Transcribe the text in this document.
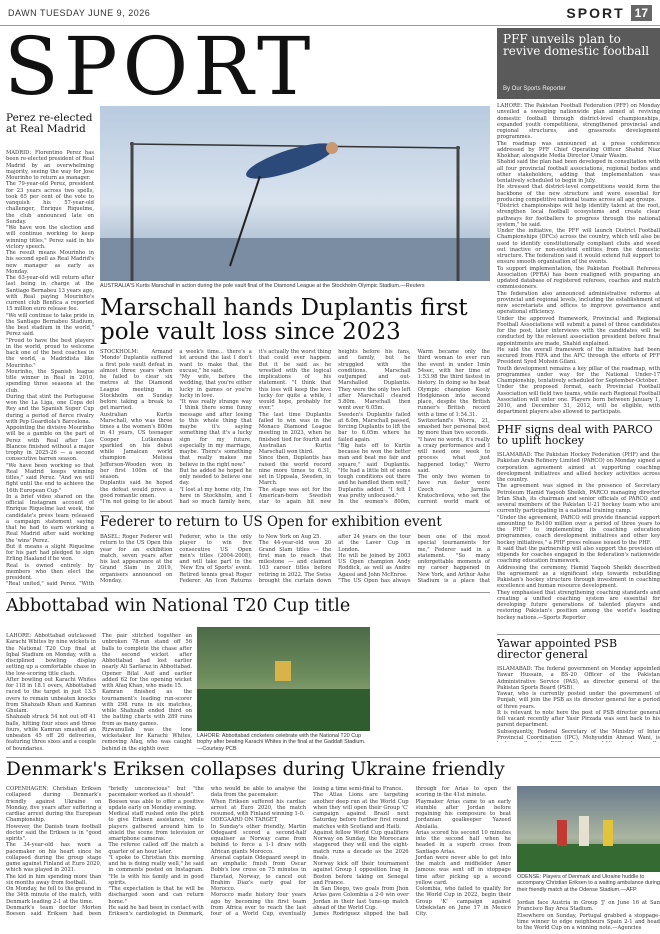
DAWN TUESDAY JUNE 9, 2026	SPORT 17
SPORT	PFF unveils plan to revive domestic football
By Our Sports Reporter
LAHORE: The Pakistan Football Federation (PFF) on Monday unveiled a sweeping nationwide plan aimed at reviving domestic football through district-level championships, expanded youth competitions, strengthened provincial and regional structures, and grassroots development programmes.
The roadmap was announced at a press conference addressed by PFF Chief Operating Officer Shahid Niaz Khokhar, alongside Media Director Umair Wasim.
Shahid said the plan had been developed in consultation with all four provincial football associations, regional bodies and other stakeholders, adding that implementation was tentatively scheduled to begin in July.
He stressed that district-level competitions would form the backbone of the new structure and were essential for producing competitive national teams across all age groups.
"District championships will help identify talent at the root, strengthen local football ecosystems and create clear pathways for footballers to progress through the national system," he said.
Under the initiative, the PFF will launch District Football Championships (DFCs) across the country, which will also be used to identify constitutionally compliant clubs and weed out inactive or non-existent entities from the domestic structure. The federation said it would extend full support to ensure smooth organisation of the events.
To support implementation, the Pakistan Football Referees Association (PFRA) has been realigned with preparing an updated database of registered referees, coaches and match commissioners.
The federation also announced administrative reforms at provincial and regional levels, including the establishment of new secretariats and offices to improve governance and operational efficiency.
Under the approved framework, Provincial and Regional Football Associations will submit a panel of three candidates for the post, later interviews with the candidates will be conducted by the relevant association president before final appointments are made, Shahid explained.
He said the overall framework of the initiative had been secured from FIFA and the AFC through the efforts of PFF President Syed Mohsin Gilani.
Youth development remains a key pillar of the roadmap, with programmes under way for the National Under-17 Championship, tentatively scheduled for September-October.
Under the proposed format, each Provincial Football Association will field two teams, while each Regional Football Association will enter one. Players born between January 1, 2010, and December 31, 2012, will be eligible, with department players also allowed to participate.
Perez re-elected at Real Madrid
MADRID: Florentino Perez has been re-elected president of Real Madrid by an overwhelming majority, seeing the way for Jose Mourinho to return as manager.
The 79-year-old Perez, president for 23 years across two spells, took 65 per cent of the vote to vanquish his 57-year-old challenger, Enrique Riquelme, the club announced late on Sunday.
"We have won the election and will continue working to keep winning titles," Perez said in his victory speech.
The result means Mourinho in his second spell as Real Madrid's new manager as early as Monday.
The 63-year-old will return after last being in charge at the Santiago Bernabeu 13 years ago, with Real paying Mourinho's current club Benfica a reported 15 million euro release fee.
"We will continue to take pride in the Santiago Bernabeu Stadium, the best stadium in the world," Perez said.
"Proud to have the best players in the world, proud to welcome back one of the best coaches in the world, a Madridista like Mourinho."
Mourinho, the Spanish league title winner in Real in 2010, spending three seasons at the club.
During that stint the Portuguese won the La Liga, one Copa del Rey and the Spanish Super Cup during a period of fierce rivalry with Pep Guardiola's Barcelona.
Appointing the divisive Mourinho will be a gamble on the part of Perez with Real after Los Blancos finished without a major trophy in 2025-26 — a second consecutive barren season.
"We have been working so that Real Madrid keeps winning titles," said Perez. "And we will fight until the end to achieve the 16th European Cup."
In a brief video shared on the official Instagram account of Enrique Riquelme last week, the candidate's press team released a campaign statement saying that he had to earn working a Real Madrid after said working the 'wins' Perez.
But it means a slight Riquelme for his part had pledged to sign Erling Haaland if he won.
Real is owned entirely by members who then elect the president.
"Real united," said Perez. "With
AUSTRALIA'S Kurtis Marschall in action during the pole vault final of the Diamond League at the Stockholm Olympic Stadium.—Reuters
Marschall hands Duplantis first pole vault loss since 2023
STOCKHOLM: Armand 'Mondo' Duplantis suffered a first pole vault defeat in almost three years when he failed to clear six metres at the Diamond League meeting in Stockholm on Sunday before taking a break to get married.
Australian Kurtis Marschall, who was three times a the women's 800m in 41 years, US teenager Cooper Lutkenhaus sparkled on his debut while Jamaican world champion Melissa Jefferson-Wooden won in her first 100m of the season.
Duplantis said he hoped the defeat would prove a good romantic omen.
"I'm not going to lie about a week's time... there's a lot around the last I don't want to make that the excuse," he said.
"My wife, before the wedding, that you're either lucky in games or you're lucky in love.
"It was really strange way I think there some funny message and after losing to this whole thing that maybe it's saying something that it's a lucky sign for my future, especially in my marriage, maybe. There's something that really makes me believe in the right now."
But he added he hoped he only needed to believe one day.
"I lost at my home city, I'm here in Stockholm, and I had so much family here, it's actually the worst thing that could ever happen. But it be said as he wrestled with the logical implications of his statement. "I think that this loss will keep the love lucky for quite a while, I would hope, probably for ever."
The last time Duplantis failed to win was in the Monaco Diamond League meeting in 2023, when he finished tied for fourth and Australian Kurtis Marschall won third.
Since then, Duplantis has raised the world record nine more times to 6.31, set in Uppsala, Sweden, in March.
The stage was set for the American-born Swedish star to again hit new heights before his fans, and family, but he struggled with the conditions. Marschall outjumped and out-Marshalled Duplantis. They were the only two left after Marschall cleared 5.80m. Marschall then went over 6.05m.
Sweden's Duplantis failed at 6.0m, Marschall passed, forcing Duplantis to lift the bar to 6.05m where he failed again.
"Big hats off to Kurtis because he won the better man and beat me fair and square," said Duplantis. "He had a little bit of some tough conditions out there and he handled them well," Duplantis added. "I felt I was pretty unfocused."
In the women's 800m, Warm became only the third woman to ever run the event in under 1min 54sec, with her time of 1:53.98 the third fastest in history. In doing so he beat Olympic champion Keely Hodgkinson into second place, despite the British runner's British record with a time of 1:54.31.
Switzerland's Worra, 21, smashed her personal best by more than two seconds.
"I have no words, it's really a crazy performance and I will need one week to process what just happened today," Werro said.
The only two women to have run faster were Czech Jarmila Kratochvilova, who set the current world mark of

Federer to return to US Open for exhibition event
BASEL: Roger Federer will return to the US Open this year for an exhibition match, seven years after his last appearance at the Grand Slam in 2019, organisers announced on Monday.
Federer, who is the only player to win five consecutive US Open men's titles (2004-2008), and will take part in the 'New Era of Sports' event. Retired tennis great Roger Federer. An Icon Returns to New York on Aug 25.
The 44-year-old won 20 Grand Slam titles — the first man to reach that milestone — and claimed 103 career titles before retiring in 2022. The Swiss brought the curtain down after 24 years on the tour at the Laver Cup in London.
He will be joined by 2003 US Open champion Andy Roddick, as well as Andre Agassi and John McEnroe.
"The US Open has always been one of the most special tournaments for me," Federer said in a statement. "So many unforgettable moments of my career happened in New York, and Arthur Ashe Stadium is a place that
PHF signs deal with PARCO to uplift hockey
ISLAMABAD: The Pakistan Hockey Federation (PHF) and the Pakistan Arab Refinery Limited (PARCO) on Monday signed a corporation agreement aimed at supporting coaching development initiatives and allied hockey activities across the country.
The agreement was signed in the presence of Secretary Petroleum Hamid Yaqoob Sheikh, PARCO managing director Irfan Shah, its chairman and senior officials of PARCO and several members of the Pakistan U-21 hockey team who are currently participating in a national training camp.
"Under the agreement, PARCO will provide financial support amounting to Rs100 million over a period of three years to the PHF" to implementing its coaching education programmes, coach development initiatives and other key hockey initiatives," a PHF press release issued to the PHF.
It said that the partnership will also support the provision of stipends for coaches engaged in the federation's nationwide coaching education framework.
Addressing the ceremony, Hamid Yaqoob Sheikh described the agreement as a significant step towards rebuilding Pakistan's hockey structure through investment in coaching excellence and human resource development.
They emphasised that strengthening coaching standards and creating a unified coaching system are essential for developing future generations of talented players and restoring Pakistan's position among the world's leading hockey nations.—Sports Reporter
Yawar appointed PSB director general
ISLAMABAD: The federal government on Monday appointed Yawar Hussain, a BS-20 Officer of the Pakistan Administrative Service (PAS), as director general of the Pakistan Sports Board (PSB).
Yawar, who is currently posted under the government of Punjab, will join the PSB as its director general for a period of three years.
It is relevant to note here the post of PSB director general fell vacant recently after Yasir Pirzada was sent back to his parent department.
Subsequently, Federal Secretary of the Ministry of Inter Provincial Coordination (IPC), Mohyuddin Ahmad Wani, is
Abbottabad win National T20 Cup title
LAHORE: Abbottabad cricketers celebrate with the National T20 Cup trophy after beating Karachi Whites in the final at the Gaddafi Stadium.—Courtesy PCB
LAHORE: Abbottabad outclassed Karachi Whites by nine wickets in the National T20 Cup final at Iqbal Stadium on Monday, with a disciplined bowling display setting up a comfortable chase in the low-scoring title clash.
After bowling out Karachi Whites for 118 in 18.1 overs, Abbottabad raced to the target in just 13.5 overs to remain unbeaten knocks from Shahzaib Khan and Kamran Ghulam.
Shahzaib struck 54 not out off 41 balls, hitting four sixes and three fours, while Kamran smashed an unbeaten 45 off 26 deliveries, featuring three sixes and a couple of boundaries.
The pair stitched together an unbroken 78-run stand off 56 balls to complete the chase after the second wicket after Abbottabad had lost earlier nearly Ali Sarfaraz in Abbottabad. Opener Bilal Asif and earlier added 62 for the opening wicket with Afaq Khan, who made 15.
Kamran finished as the tournament's leading run-scorer with 298 runs in six matches, while Shahzaib ended third on the batting charts with 289 runs from as many games.
Rizwanullah was the lone wicketaker for Karachi Whites, removing Afaq, who was caught behind in the eighth over.

Denmark's Eriksen collapses during Ukraine friendly
COPENHAGEN: Christian Eriksen collapsed during Denmark's friendly against Ukraine on Monday, five years after suffering a cardiac arrest during the European Championship.
However, the Danish team football doctor said the Eriksen is in "good spirits".
The 34-year-old has worn a pacemaker on his heart since he collapsed during the group stage game against Finland at Euro 2020, which was played in 2021.
The kid in him spending more than six months away from football.
On Monday, he fell to the ground in the 34th minute of the match, with Denmark leading 2-1 at the time.
Denmark's team doctor Morten Boesen said Eriksen had been "briefly unconscious" but "the pacemaker worked as it should".
Boesen was able to offer a positive update early on Monday evening.
Medical staff rushed onto the pitch to give Eriksen assistance, while players gathered around him to shield the scene from television or smartphone cameras.
The referee called off the match a quarter of an hour later.
"I spoke to Christian this morning and he is doing really well," he said in comments posted on Instagram. "He is with his family and in good spirits.
"The expectation is that he will be discharged soon and can return home."
He said he had been in contact with Eriksen's cardiologist in Denmark, who would be able to analyse the data from the pacemaker.
When Eriksen suffered his cardiac arrest at Euro 2020, the match resumed, with Finland winning 1-0.
ODEGAARD ON TARGET
In Sunday's other friendly, Martin Odegaard scored a second-half equaliser as Norway came from behind to force a 1-1 draw with African giants Morocco.
Arsenal captain Odegaard swept in an emphatic finish from Oscar Bobb's low cross on 75 minutes in Harstad, Norway, to cancel out Brahim Diaz's early goal for Morocco.
Morocco made history four years ago by becoming the first team from Africa ever to reach the last four of a World Cup, eventually losing a time semi-final to France.
The Atlas Lions are targeting another deep run at the World Cup when they will open their Group 'C' campaign against Brazil next Saturday before further first round matches with Scotland and Haiti.
Against fellow World Cup qualifiers Norway on Sunday, the Moroccans staggered they will end the eight-match runs a decade as the 2026 finals.
Norway kick off their tournament against Group I opposition Iraq in Boston before taking on Senegal and France.
In San Diego, two goals from Jhon Arias gave Colombia a 2-0 win over Jordan in their last tune-up match ahead of the World Cup.
James Rodriguez slipped the ball through for Arias to open the scoring in the 41st minute.
Playmaker Arias came to an early stumble after Jordan before regaining his composure to beat Jordanian goalkeeper Yazeed Abulaila.
Arias scored his second 10 minutes into the second half when he headed in a superb cross from Santiago Arias.
Jordan were never able to get into the match and midfielder Amer Jamous was sent off in stoppage time after picking up a second yellow card.
Colombia, who failed to qualify for the World Cup in 2022, begin their Group 'K' campaign against Uzbekistan on June 17 in Mexico City.
ODENSE: Players of Denmark and Ukraine huddle to accompany Christian Eriksen to a waiting ambulance during their friendly match at the Odense Stadium.—AFP
Jordan face Austria in Group 'J' on June 16 at San Francisco Bay Area Stadium.
Elsewhere on Sunday, Portugal grabbed a stoppage-time winner to edge neighbours Spain 2-1 and head to the World Cup on a winning note.—Agencies
